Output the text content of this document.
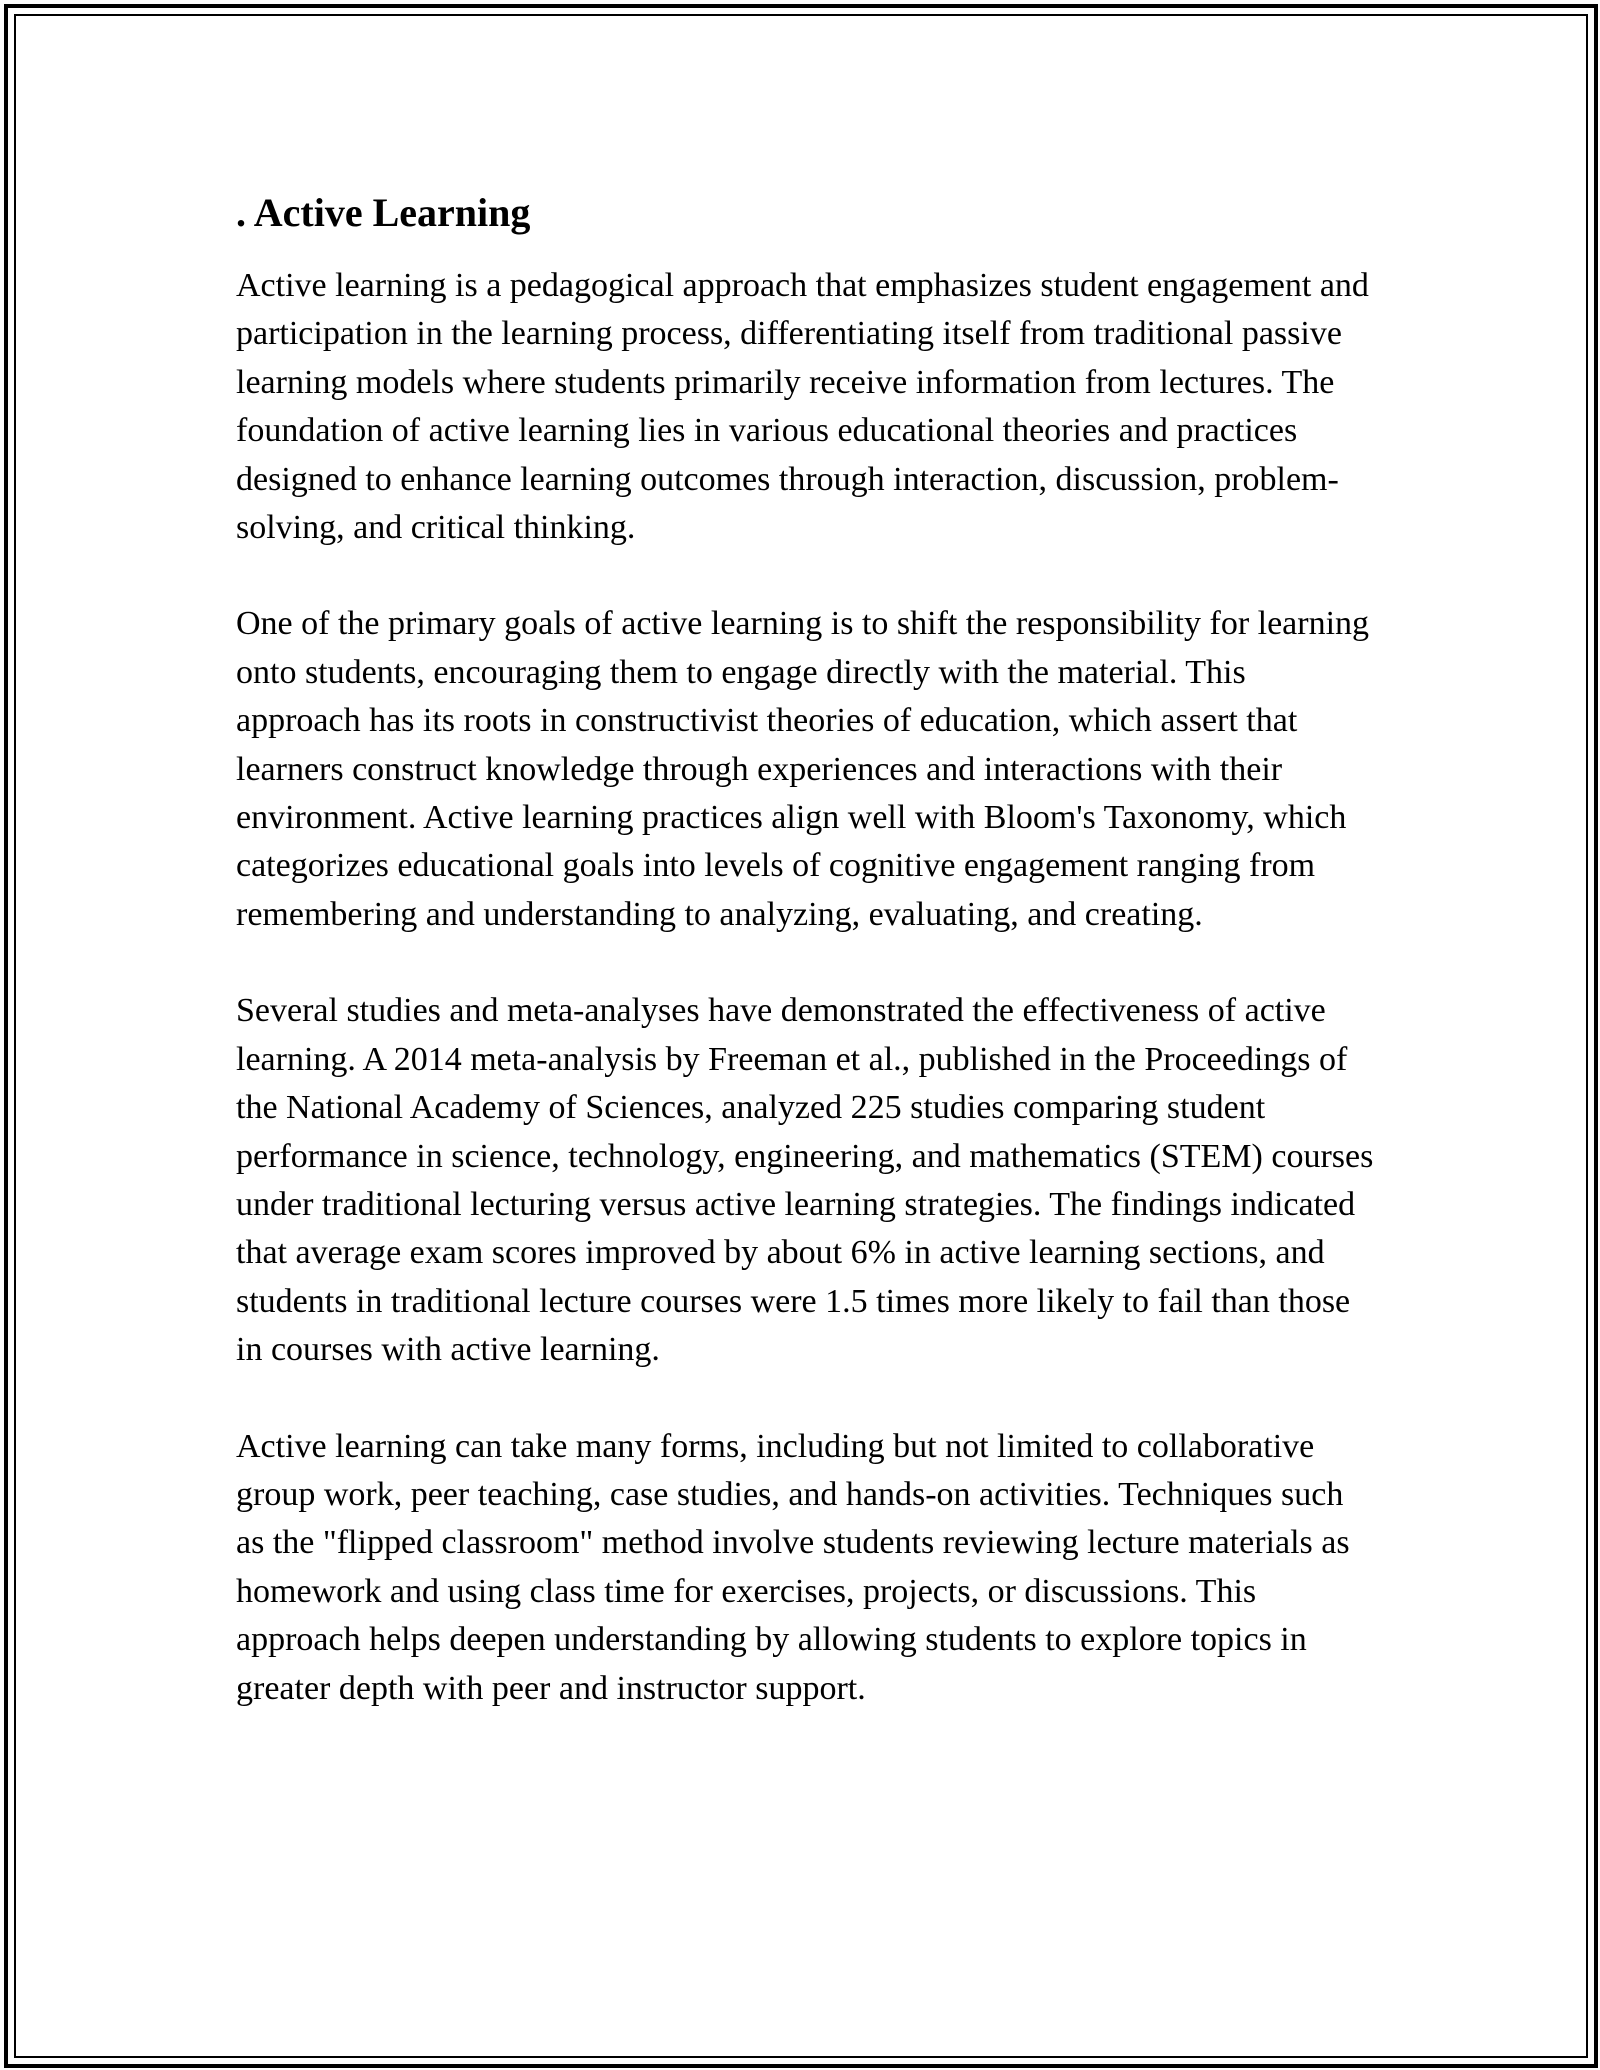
. Active Learning

Active learning is a pedagogical approach that emphasizes student engagement and participation in the learning process, differentiating itself from traditional passive learning models where students primarily receive information from lectures. The foundation of active learning lies in various educational theories and practices designed to enhance learning outcomes through interaction, discussion, problem-solving, and critical thinking.

One of the primary goals of active learning is to shift the responsibility for learning onto students, encouraging them to engage directly with the material. This approach has its roots in constructivist theories of education, which assert that learners construct knowledge through experiences and interactions with their environment. Active learning practices align well with Bloom's Taxonomy, which categorizes educational goals into levels of cognitive engagement ranging from remembering and understanding to analyzing, evaluating, and creating.

Several studies and meta-analyses have demonstrated the effectiveness of active learning. A 2014 meta-analysis by Freeman et al., published in the Proceedings of the National Academy of Sciences, analyzed 225 studies comparing student performance in science, technology, engineering, and mathematics (STEM) courses under traditional lecturing versus active learning strategies. The findings indicated that average exam scores improved by about 6% in active learning sections, and students in traditional lecture courses were 1.5 times more likely to fail than those in courses with active learning.

Active learning can take many forms, including but not limited to collaborative group work, peer teaching, case studies, and hands-on activities. Techniques such as the "flipped classroom" method involve students reviewing lecture materials as homework and using class time for exercises, projects, or discussions. This approach helps deepen understanding by allowing students to explore topics in greater depth with peer and instructor support.
